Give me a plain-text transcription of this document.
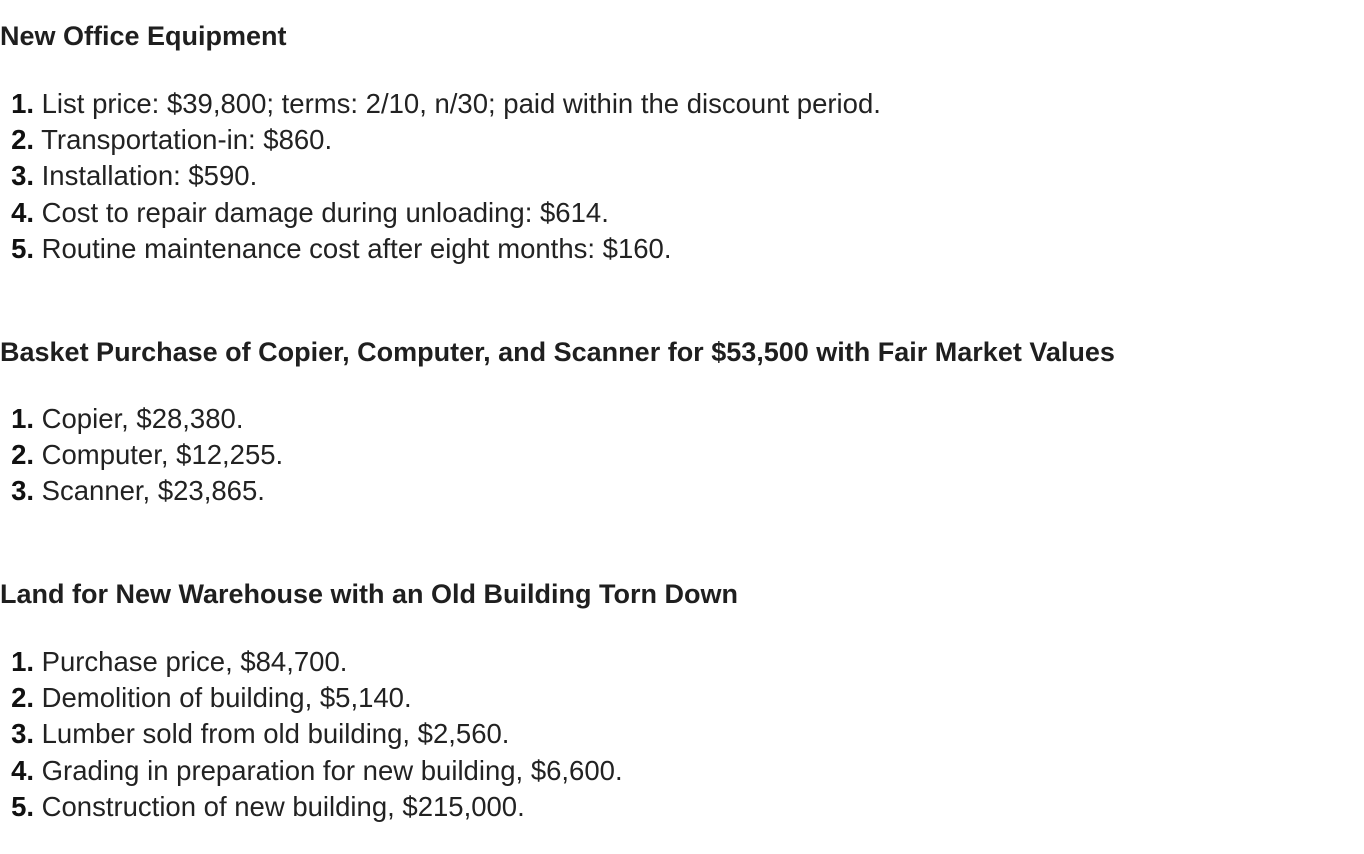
New Office Equipment
1. List price: $39,800; terms: 2/10, n/30; paid within the discount period.
2. Transportation-in: $860.
3. Installation: $590.
4. Cost to repair damage during unloading: $614.
5. Routine maintenance cost after eight months: $160.
Basket Purchase of Copier, Computer, and Scanner for $53,500 with Fair Market Values
1. Copier, $28,380.
2. Computer, $12,255.
3. Scanner, $23,865.
Land for New Warehouse with an Old Building Torn Down
1. Purchase price, $84,700.
2. Demolition of building, $5,140.
3. Lumber sold from old building, $2,560.
4. Grading in preparation for new building, $6,600.
5. Construction of new building, $215,000.
